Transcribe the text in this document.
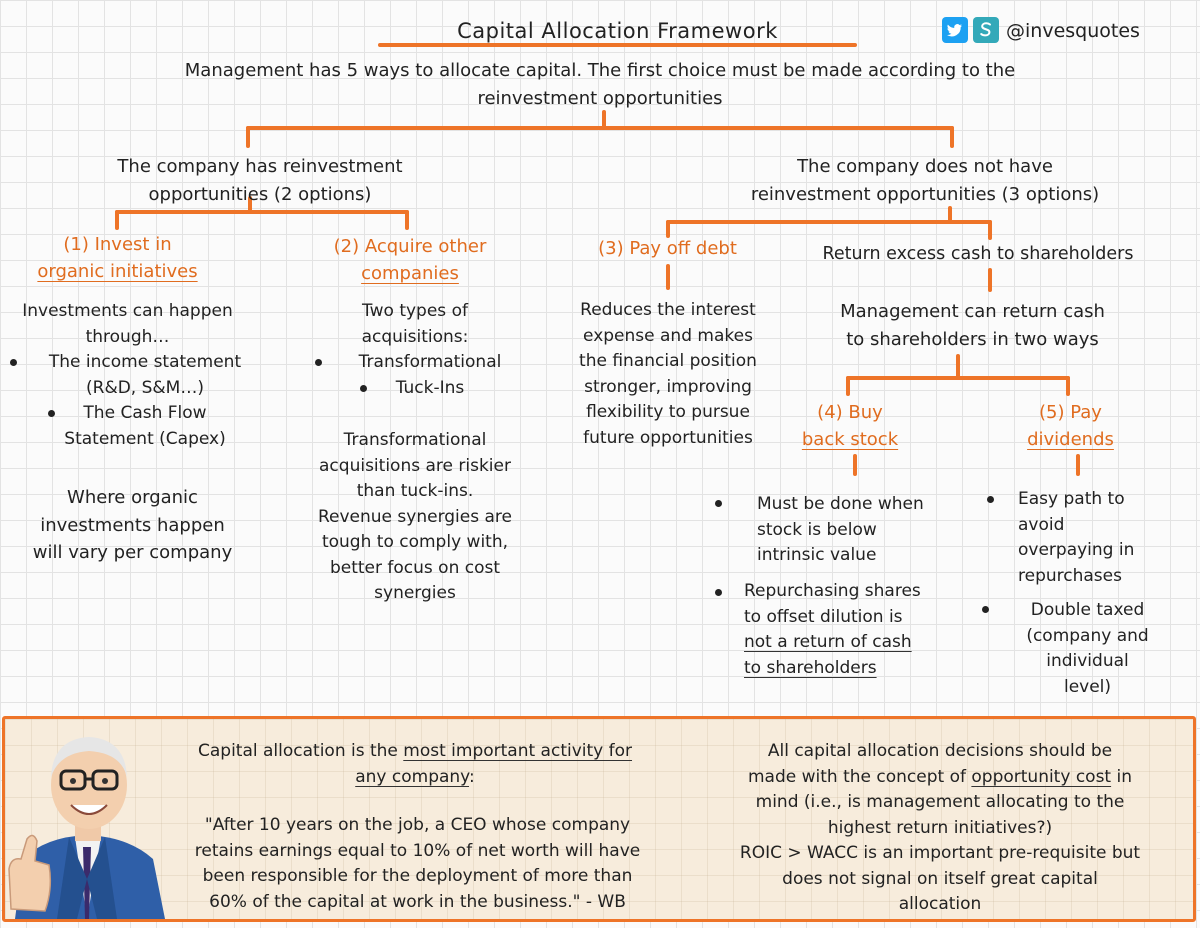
Capital Allocation Framework	@invesquotes
Management has 5 ways to allocate capital. The first choice must be made according to the
reinvestment opportunities
The company has reinvestment
opportunities (2 options)
The company does not have
reinvestment opportunities (3 options)
(1) Invest in
organic initiatives
Investments can happen
through…
The income statement
(R&D, S&M…)
The Cash Flow
Statement (Capex)
Where organic
investments happen
will vary per company
(2) Acquire other
companies
Two types of
acquisitions:
Transformational
Tuck-Ins
Transformational
acquisitions are riskier
than tuck-ins.
Revenue synergies are
tough to comply with,
better focus on cost
synergies
(3) Pay off debt
Reduces the interest
expense and makes
the financial position
stronger, improving
flexibility to pursue
future opportunities
Return excess cash to shareholders
Management can return cash
to shareholders in two ways
(4) Buy
back stock
Must be done when
stock is below
intrinsic value
Repurchasing shares
to offset dilution is
not a return of cash
to shareholders
(5) Pay
dividends
Easy path to
avoid
overpaying in
repurchases
Double taxed
(company and
individual
level)
Capital allocation is the most important activity for
any company:
"After 10 years on the job, a CEO whose company
retains earnings equal to 10% of net worth will have
been responsible for the deployment of more than
60% of the capital at work in the business." - WB
All capital allocation decisions should be
made with the concept of opportunity cost in
mind (i.e., is management allocating to the
highest return initiatives?)
ROIC > WACC is an important pre-requisite but
does not signal on itself great capital
allocation
